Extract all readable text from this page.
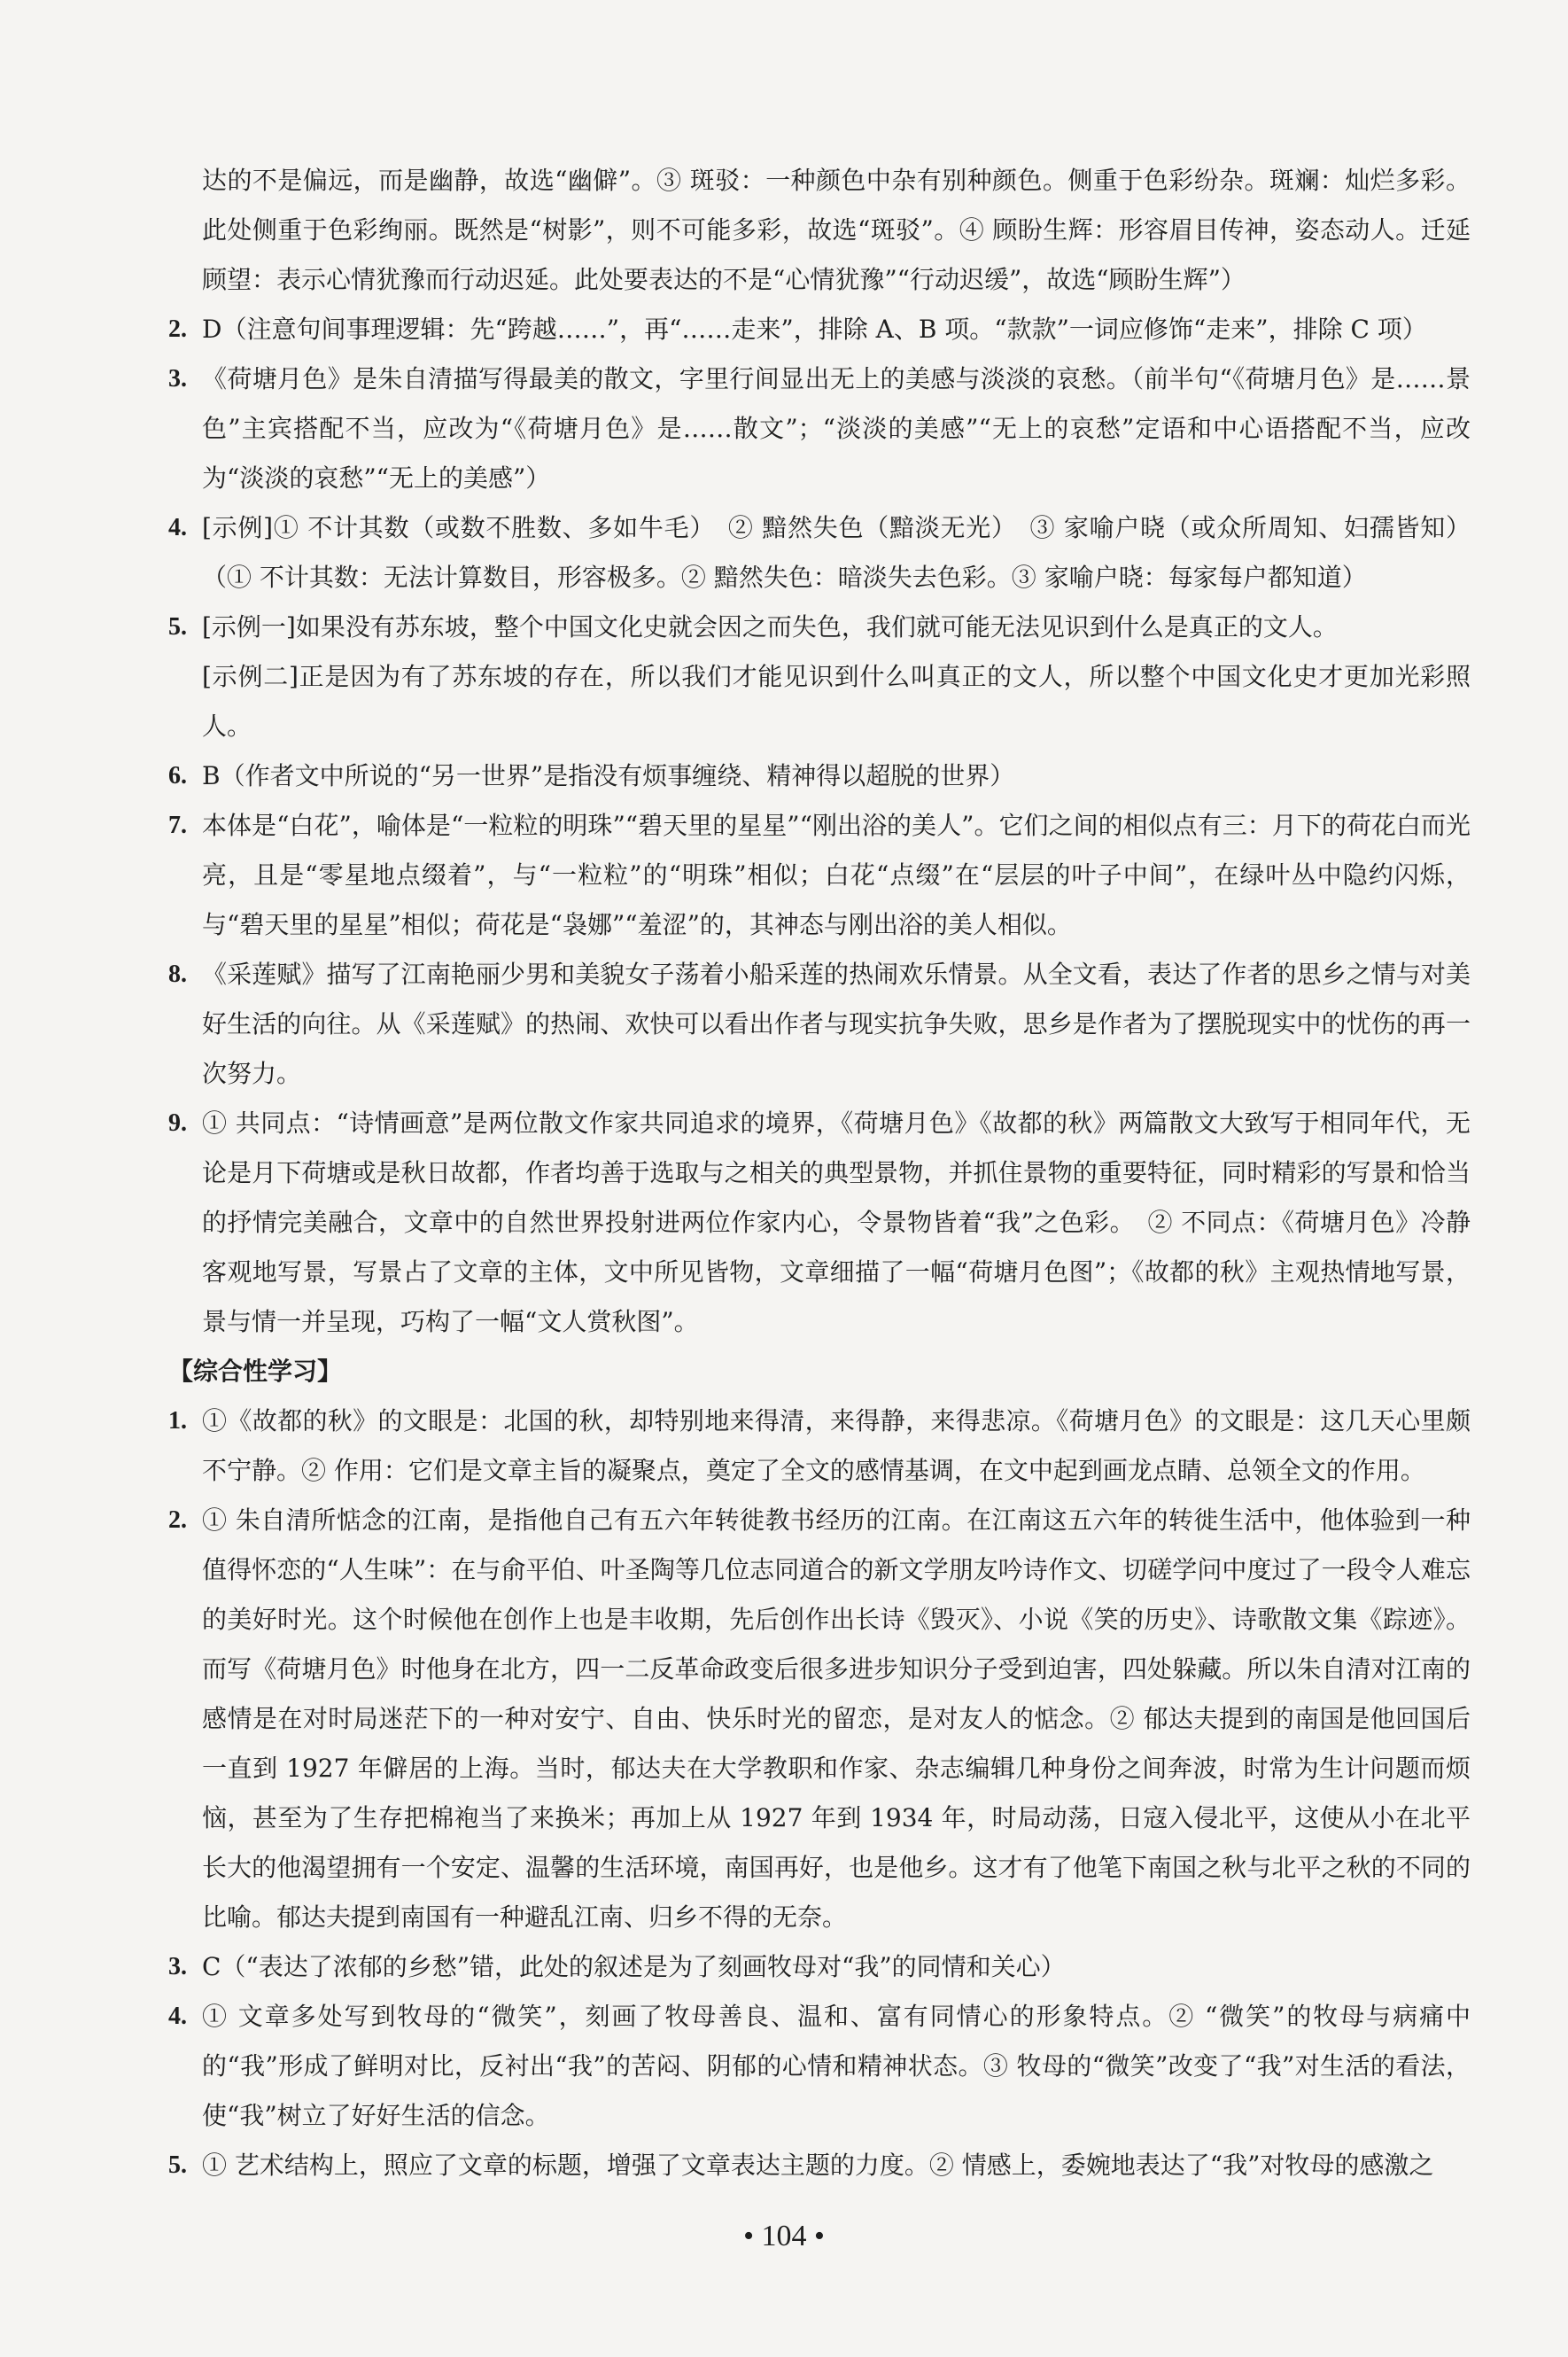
达的不是偏远，而是幽静，故选“幽僻”。③ 斑驳：一种颜色中杂有别种颜色。侧重于色彩纷杂。斑斓：灿烂多彩。此处侧重于色彩绚丽。既然是“树影”，则不可能多彩，故选“斑驳”。④ 顾盼生辉：形容眉目传神，姿态动人。迁延顾望：表示心情犹豫而行动迟延。此处要表达的不是“心情犹豫”“行动迟缓”，故选“顾盼生辉”）

2. D（注意句间事理逻辑：先“跨越……”，再“……走来”，排除 A、B 项。“款款”一词应修饰“走来”，排除 C 项）
3. 《荷塘月色》是朱自清描写得最美的散文，字里行间显出无上的美感与淡淡的哀愁。（前半句“《荷塘月色》是……景色”主宾搭配不当，应改为“《荷塘月色》是……散文”；“淡淡的美感”“无上的哀愁”定语和中心语搭配不当，应改为“淡淡的哀愁”“无上的美感”）
4. [示例]① 不计其数（或数不胜数、多如牛毛）　② 黯然失色（黯淡无光）　③ 家喻户晓（或众所周知、妇孺皆知）（① 不计其数：无法计算数目，形容极多。② 黯然失色：暗淡失去色彩。③ 家喻户晓：每家每户都知道）
5. [示例一]如果没有苏东坡，整个中国文化史就会因之而失色，我们就可能无法见识到什么是真正的文人。
[示例二]正是因为有了苏东坡的存在，所以我们才能见识到什么叫真正的文人，所以整个中国文化史才更加光彩照人。
6. B（作者文中所说的“另一世界”是指没有烦事缠绕、精神得以超脱的世界）
7. 本体是“白花”，喻体是“一粒粒的明珠”“碧天里的星星”“刚出浴的美人”。它们之间的相似点有三：月下的荷花白而光亮，且是“零星地点缀着”，与“一粒粒”的“明珠”相似；白花“点缀”在“层层的叶子中间”，在绿叶丛中隐约闪烁，与“碧天里的星星”相似；荷花是“袅娜”“羞涩”的，其神态与刚出浴的美人相似。
8. 《采莲赋》描写了江南艳丽少男和美貌女子荡着小船采莲的热闹欢乐情景。从全文看，表达了作者的思乡之情与对美好生活的向往。从《采莲赋》的热闹、欢快可以看出作者与现实抗争失败，思乡是作者为了摆脱现实中的忧伤的再一次努力。
9. ① 共同点：“诗情画意”是两位散文作家共同追求的境界，《荷塘月色》《故都的秋》两篇散文大致写于相同年代，无论是月下荷塘或是秋日故都，作者均善于选取与之相关的典型景物，并抓住景物的重要特征，同时精彩的写景和恰当的抒情完美融合，文章中的自然世界投射进两位作家内心，令景物皆着“我”之色彩。　② 不同点：《荷塘月色》冷静客观地写景，写景占了文章的主体，文中所见皆物，文章细描了一幅“荷塘月色图”；《故都的秋》主观热情地写景，景与情一并呈现，巧构了一幅“文人赏秋图”。

【综合性学习】

1. ①《故都的秋》的文眼是：北国的秋，却特别地来得清，来得静，来得悲凉。《荷塘月色》的文眼是：这几天心里颇不宁静。② 作用：它们是文章主旨的凝聚点，奠定了全文的感情基调，在文中起到画龙点睛、总领全文的作用。
2. ① 朱自清所惦念的江南，是指他自己有五六年转徙教书经历的江南。在江南这五六年的转徙生活中，他体验到一种值得怀恋的“人生味”：在与俞平伯、叶圣陶等几位志同道合的新文学朋友吟诗作文、切磋学问中度过了一段令人难忘的美好时光。这个时候他在创作上也是丰收期，先后创作出长诗《毁灭》、小说《笑的历史》、诗歌散文集《踪迹》。而写《荷塘月色》时他身在北方，四一二反革命政变后很多进步知识分子受到迫害，四处躲藏。所以朱自清对江南的感情是在对时局迷茫下的一种对安宁、自由、快乐时光的留恋，是对友人的惦念。② 郁达夫提到的南国是他回国后一直到 1927 年僻居的上海。当时，郁达夫在大学教职和作家、杂志编辑几种身份之间奔波，时常为生计问题而烦恼，甚至为了生存把棉袍当了来换米；再加上从 1927 年到 1934 年，时局动荡，日寇入侵北平，这使从小在北平长大的他渴望拥有一个安定、温馨的生活环境，南国再好，也是他乡。这才有了他笔下南国之秋与北平之秋的不同的比喻。郁达夫提到南国有一种避乱江南、归乡不得的无奈。
3. C（“表达了浓郁的乡愁”错，此处的叙述是为了刻画牧母对“我”的同情和关心）
4. ① 文章多处写到牧母的“微笑”，刻画了牧母善良、温和、富有同情心的形象特点。② “微笑”的牧母与病痛中的“我”形成了鲜明对比，反衬出“我”的苦闷、阴郁的心情和精神状态。③ 牧母的“微笑”改变了“我”对生活的看法，使“我”树立了好好生活的信念。
5. ① 艺术结构上，照应了文章的标题，增强了文章表达主题的力度。② 情感上，委婉地表达了“我”对牧母的感激之
• 104 •
